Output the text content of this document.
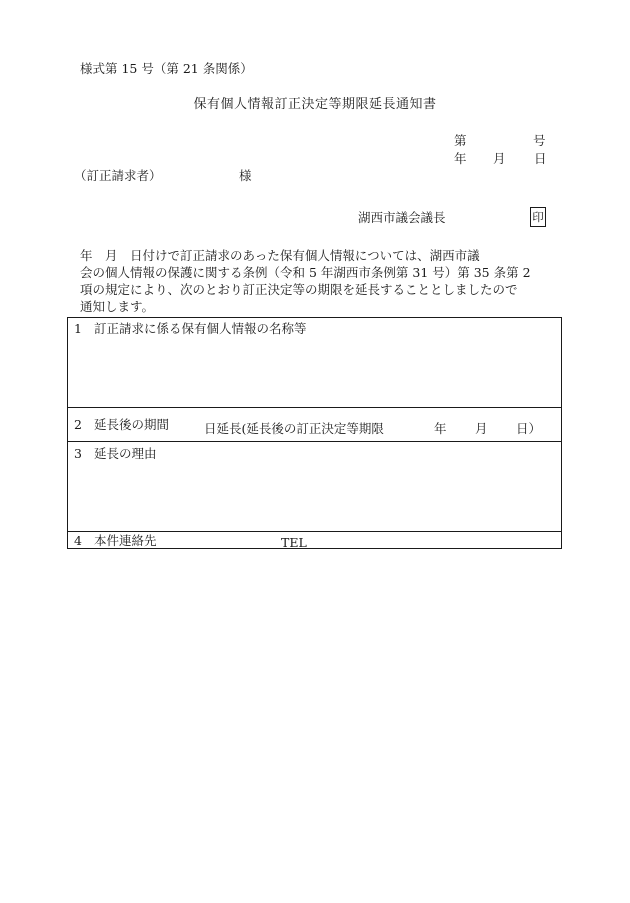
様式第 15 号（第 21 条関係）
保有個人情報訂正決定等期限延長通知書
第	号
年 月 日
（訂正請求者）	様
湖西市議会議長	印
年　月　日付けで訂正請求のあった保有個人情報については、湖西市議
会の個人情報の保護に関する条例（令和 5 年湖西市条例第 31 号）第 35 条第 2
項の規定により、次のとおり訂正決定等の期限を延長することとしましたので
通知します。
1 訂正請求に係る保有個人情報の名称等
2 延長後の期間	日延長(延長後の訂正決定等期限	年 月 日）
3 延長の理由
4 本件連絡先	TEL
